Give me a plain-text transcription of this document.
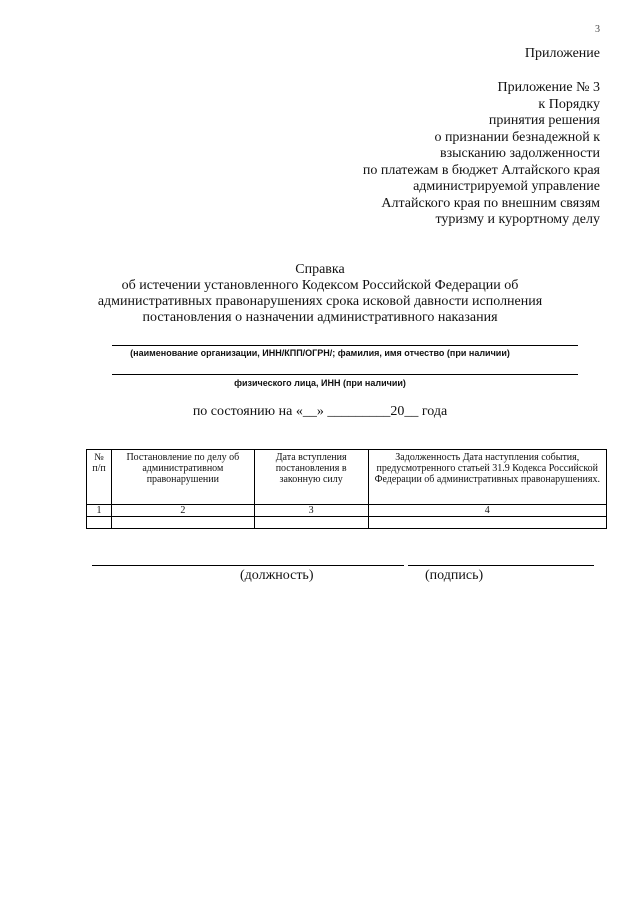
3
Приложение
Приложение № 3
к Порядку
принятия решения
о признании безнадежной к
взысканию задолженности
по платежам в бюджет Алтайского края
администрируемой управление
Алтайского края по внешним связям
туризму и курортному делу
Справка
об истечении установленного Кодексом Российской Федерации об
административных правонарушениях срока исковой давности исполнения
постановления о назначении административного наказания
(наименование организации, ИНН/КПП/ОГРН/; фамилия, имя отчество (при наличии)
физического лица, ИНН (при наличии)
по состоянию на «__» _________20__ года
№ п/п	Постановление по делу об административном правонарушении	Дата вступления постановления в законную силу	Задолженность Дата наступления события, предусмотренного статьей 31.9 Кодекса Российской Федерации об административных правонарушениях.
1	2	3	4

(должность)	(подпись)
